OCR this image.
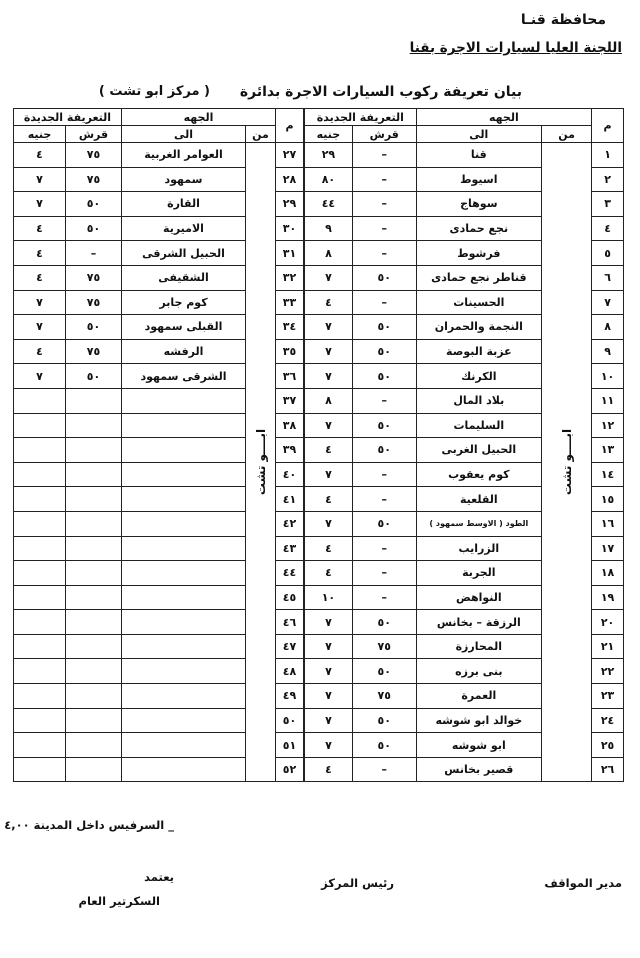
محافظة قنـا
اللجنة العليا لسيارات الاجرة بقنا
بيان تعريفة ركوب السيارات الاجرة بدائرة
( مركز ابو تشت )
م	الجهه		التعريفة الجديدة	
	من	الى	قرش	جنيه
١	ابــــو تشت	قنا	–	٢٩
٢		اسيوط	–	٨٠
٣		سوهاج	–	٤٤
٤		نجع حمادى	–	٩
٥		فرشوط	–	٨
٦		قناطر نجع حمادى	٥٠	٧
٧		الحسينات	–	٤
٨		النجمة والحمران	٥٠	٧
٩		عزبة البوصة	٥٠	٧
١٠		الكرنك	٥٠	٧
١١		بلاد المال	–	٨
١٢		السليمات	٥٠	٧
١٣		الحبيل الغربى	٥٠	٤
١٤		كوم يعقوب	–	٧
١٥		القلعية	–	٤
١٦		الطود ( الاوسط سمهود )	٥٠	٧
١٧		الزرايب	–	٤
١٨		الجربة	–	٤
١٩		النواهض	–	١٠
٢٠		الرزقة – بخانس	٥٠	٧
٢١		المحارزة	٧٥	٧
٢٢		بنى برزه	٥٠	٧
٢٣		العمرة	٧٥	٧
٢٤		خوالد ابو شوشه	٥٠	٧
٢٥		ابو شوشه	٥٠	٧
٢٦		قصير بخانس	–	٤
م	الجهه		التعريفة الجديدة	
	من	الى	قرش	جنيه
٢٧	ابــــو تشت	العوامر الغربية	٧٥	٤
٢٨		سمهود	٧٥	٧
٢٩		القارة	٥٠	٧
٣٠		الاميرية	٥٠	٤
٣١		الحبيل الشرقى	–	٤
٣٢		الشقيفى	٧٥	٤
٣٣		كوم جابر	٧٥	٧
٣٤		القبلى سمهود	٥٠	٧
٣٥		الرفشه	٧٥	٤
٣٦		الشرقى سمهود	٥٠	٧
٣٧				
٣٨				
٣٩				
٤٠				
٤١				
٤٢				
٤٣				
٤٤				
٤٥				
٤٦				
٤٧				
٤٨				
٤٩				
٥٠				
٥١				
٥٢				
_ السرفيس داخل المدينة ٤,٠٠
مدير المواقف
رئيس المركز
يعتمد
السكرتير العام
